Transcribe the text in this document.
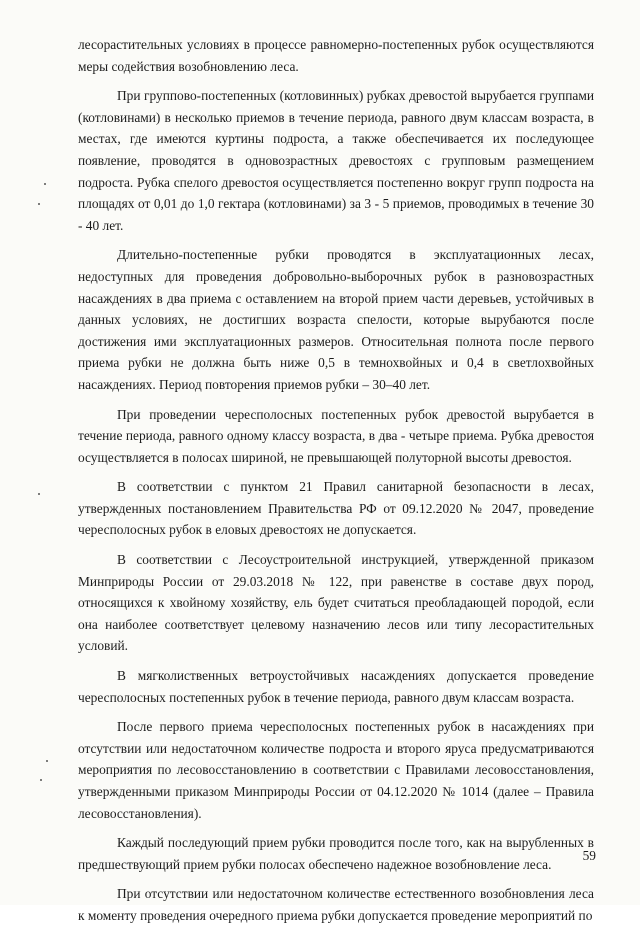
лесорастительных условиях в процессе равномерно-постепенных рубок осуществляются меры содействия возобновлению леса.

При группово-постепенных (котловинных) рубках древостой вырубается группами (котловинами) в несколько приемов в течение периода, равного двум классам возраста, в местах, где имеются куртины подроста, а также обеспечивается их последующее появление, проводятся в одновозрастных древостоях с групповым размещением подроста. Рубка спелого древостоя осуществляется постепенно вокруг групп подроста на площадях от 0,01 до 1,0 гектара (котловинами) за 3 - 5 приемов, проводимых в течение 30 - 40 лет.

Длительно-постепенные рубки проводятся в эксплуатационных лесах, недоступных для проведения добровольно-выборочных рубок в разновозрастных насаждениях в два приема с оставлением на второй прием части деревьев, устойчивых в данных условиях, не достигших возраста спелости, которые вырубаются после достижения ими эксплуатационных размеров. Относительная полнота после первого приема рубки не должна быть ниже 0,5 в темнохвойных и 0,4 в светлохвойных насаждениях. Период повторения приемов рубки – 30–40 лет.

При проведении чересполосных постепенных рубок древостой вырубается в течение периода, равного одному классу возраста, в два - четыре приема. Рубка древостоя осуществляется в полосах шириной, не превышающей полуторной высоты древостоя.

В соответствии с пунктом 21 Правил санитарной безопасности в лесах, утвержденных постановлением Правительства РФ от 09.12.2020 № 2047, проведение чересполосных рубок в еловых древостоях не допускается.

В соответствии с Лесоустроительной инструкцией, утвержденной приказом Минприроды России от 29.03.2018 № 122, при равенстве в составе двух пород, относящихся к хвойному хозяйству, ель будет считаться преобладающей породой, если она наиболее соответствует целевому назначению лесов или типу лесорастительных условий.

В мягколиственных ветроустойчивых насаждениях допускается проведение чересполосных постепенных рубок в течение периода, равного двум классам возраста.

После первого приема чересполосных постепенных рубок в насаждениях при отсутствии или недостаточном количестве подроста и второго яруса предусматриваются мероприятия по лесовосстановлению в соответствии с Правилами лесовосстановления, утвержденными приказом Минприроды России от 04.12.2020 № 1014 (далее – Правила лесовосстановления).

Каждый последующий прием рубки проводится после того, как на вырубленных в предшествующий прием рубки полосах обеспечено надежное возобновление леса.

При отсутствии или недостаточном количестве естественного возобновления леса к моменту проведения очередного приема рубки допускается проведение мероприятий по

59
